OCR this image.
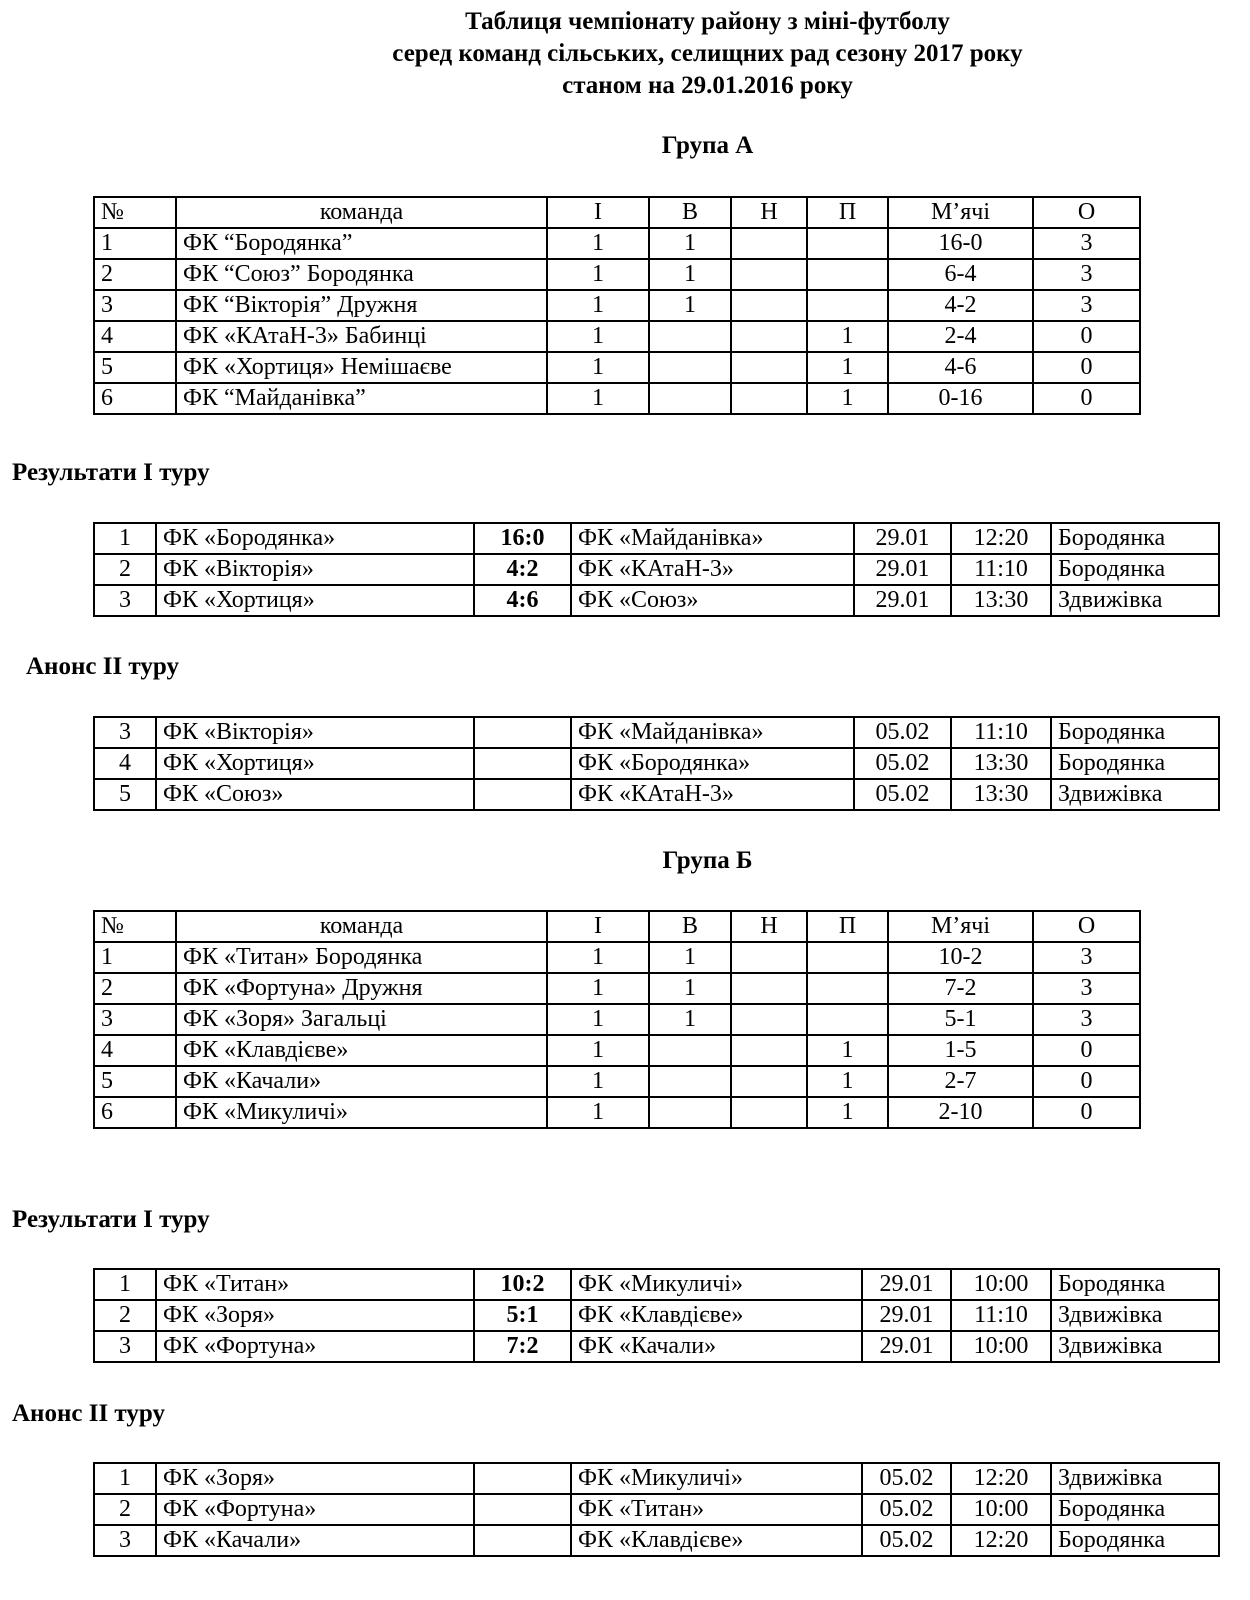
Таблиця чемпіонату району з міні-футболу
серед команд сільських, селищних рад сезону 2017 року
станом на 29.01.2016 року
Група А
№	команда	І	В	Н	П	М’ячі	О
1	ФК “Бородянка”	1	1			16-0	3
2	ФК “Союз” Бородянка	1	1			6-4	3
3	ФК “Вікторія” Дружня	1	1			4-2	3
4	ФК «КАтаН-3» Бабинці	1			1	2-4	0
5	ФК «Хортиця» Немішаєве	1			1	4-6	0
6	ФК “Майданівка”	1			1	0-16	0
Результати І туру
1	ФК «Бородянка»	16:0	ФК «Майданівка»	29.01	12:20	Бородянка
2	ФК «Вікторія»	4:2	ФК «КАтаН-3»	29.01	11:10	Бородянка
3	ФК «Хортиця»	4:6	ФК «Союз»	29.01	13:30	Здвижівка
Анонс ІІ туру
3	ФК «Вікторія»		ФК «Майданівка»	05.02	11:10	Бородянка
4	ФК «Хортиця»		ФК «Бородянка»	05.02	13:30	Бородянка
5	ФК «Союз»		ФК «КАтаН-3»	05.02	13:30	Здвижівка
Група Б
№	команда	І	В	Н	П	М’ячі	О
1	ФК «Титан» Бородянка	1	1			10-2	3
2	ФК «Фортуна» Дружня	1	1			7-2	3
3	ФК «Зоря» Загальці	1	1			5-1	3
4	ФК «Клавдієве»	1			1	1-5	0
5	ФК «Качали»	1			1	2-7	0
6	ФК «Микуличі»	1			1	2-10	0
Результати І туру
1	ФК «Титан»	10:2	ФК «Микуличі»	29.01	10:00	Бородянка
2	ФК «Зоря»	5:1	ФК «Клавдієве»	29.01	11:10	Здвижівка
3	ФК «Фортуна»	7:2	ФК «Качали»	29.01	10:00	Здвижівка
Анонс ІІ туру
1	ФК «Зоря»		ФК «Микуличі»	05.02	12:20	Здвижівка
2	ФК «Фортуна»		ФК «Титан»	05.02	10:00	Бородянка
3	ФК «Качали»		ФК «Клавдієве»	05.02	12:20	Бородянка
